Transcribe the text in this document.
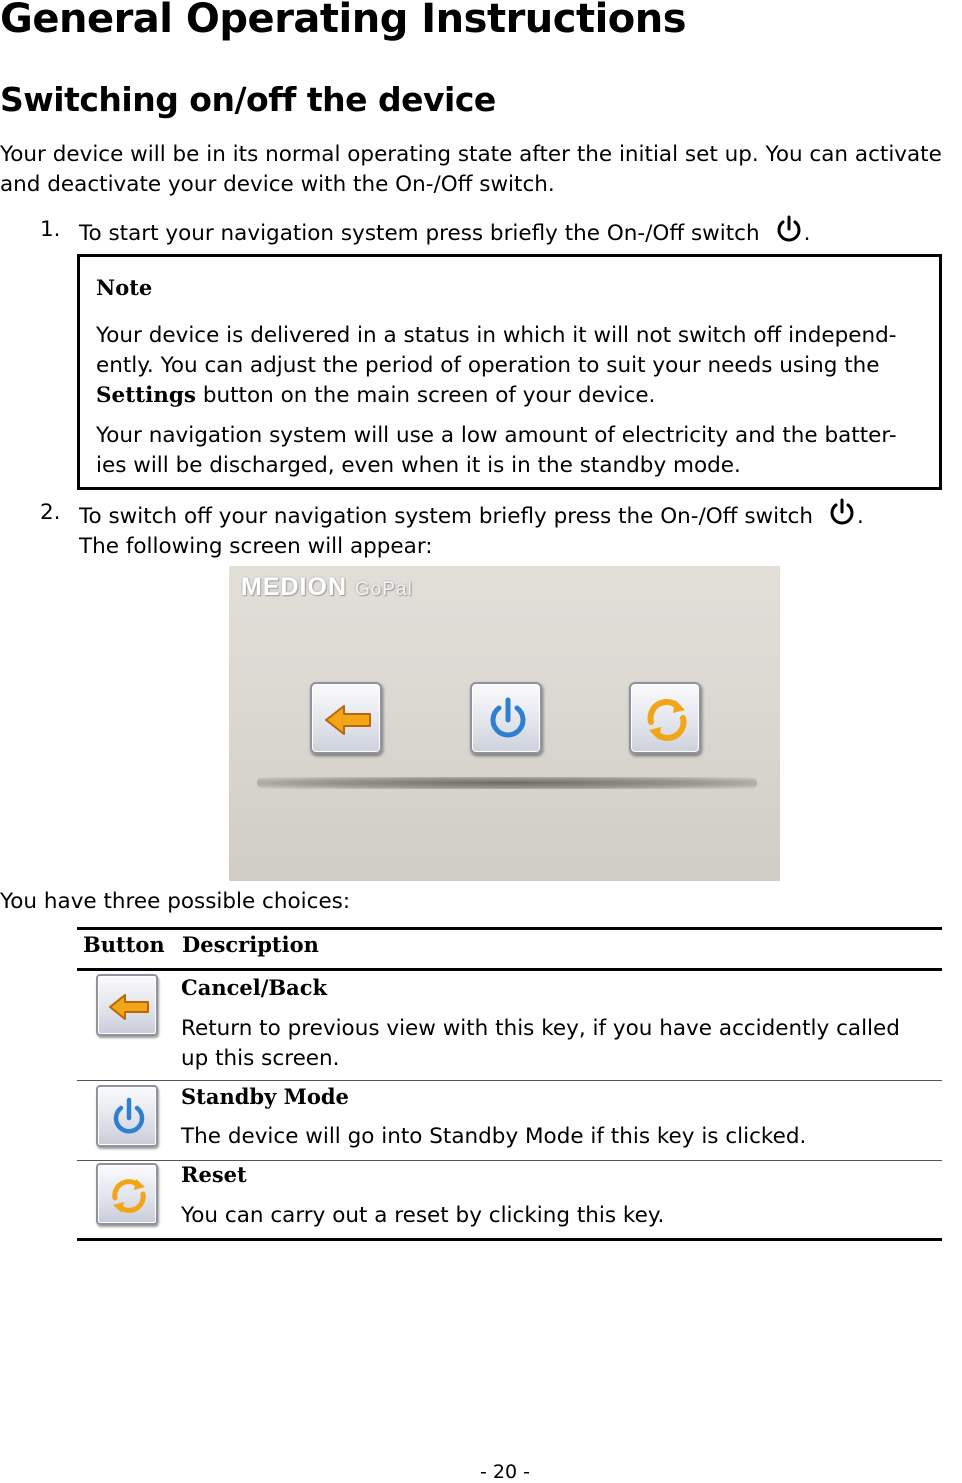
General Operating Instructions
Switching on/off the device
Your device will be in its normal operating state after the initial set up. You can activate
and deactivate your device with the On-/Off switch.
1. To start your navigation system press briefly the On-/Off switch .
Note
Your device is delivered in a status in which it will not switch off independ-
ently. You can adjust the period of operation to suit your needs using the
Settings button on the main screen of your device.
Your navigation system will use a low amount of electricity and the batter-
ies will be discharged, even when it is in the standby mode.
2. To switch off your navigation system briefly press the On-/Off switch .
The following screen will appear:
MEDION GoPal
You have three possible choices:
Button Description
Cancel/Back
Return to previous view with this key, if you have accidently called
up this screen.
Standby Mode
The device will go into Standby Mode if this key is clicked.
Reset
You can carry out a reset by clicking this key.
- 20 -
